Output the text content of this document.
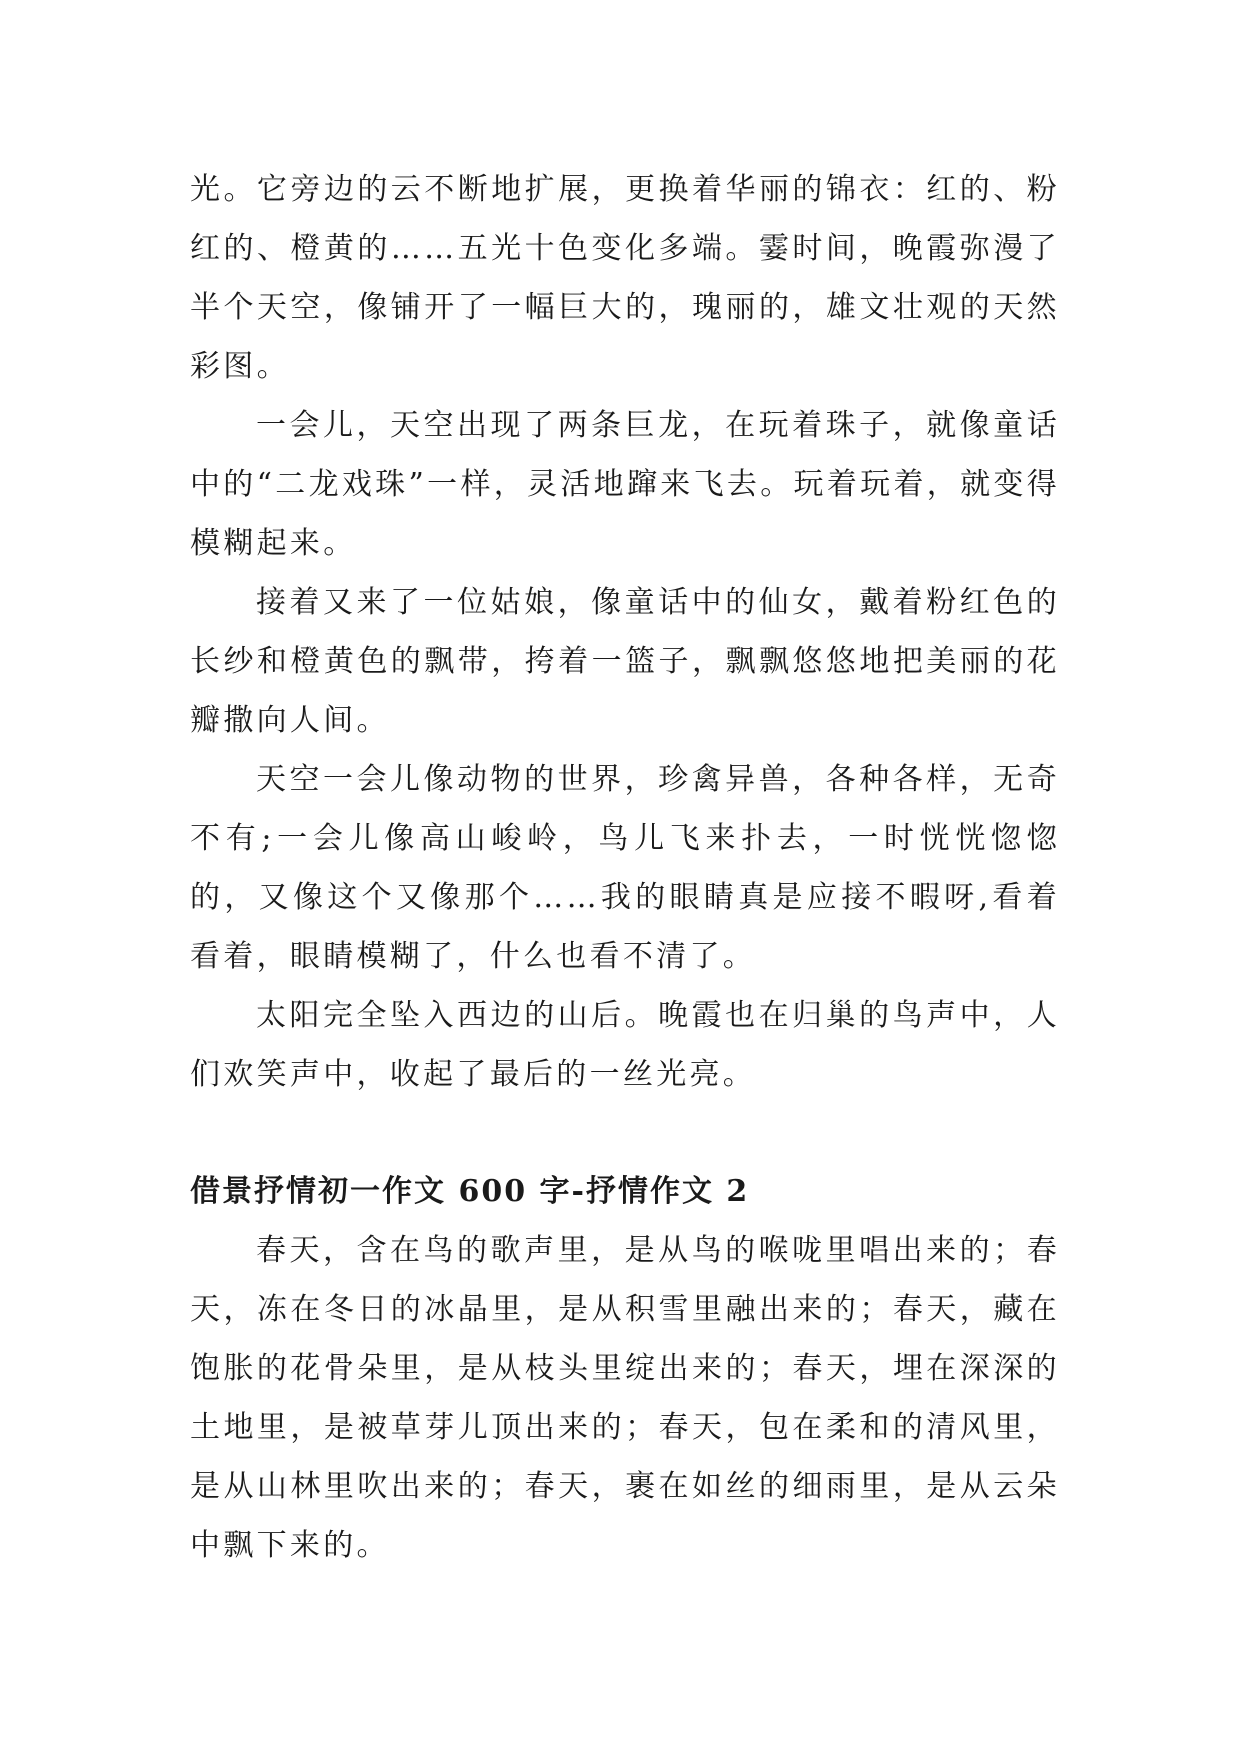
光。它旁边的云不断地扩展，更换着华丽的锦衣：红的、粉红的、橙黄的……五光十色变化多端。霎时间，晚霞弥漫了半个天空，像铺开了一幅巨大的，瑰丽的，雄文壮观的天然彩图。

一会儿，天空出现了两条巨龙，在玩着珠子，就像童话中的“二龙戏珠”一样，灵活地蹿来飞去。玩着玩着，就变得模糊起来。

接着又来了一位姑娘，像童话中的仙女，戴着粉红色的长纱和橙黄色的飘带，挎着一篮子，飘飘悠悠地把美丽的花瓣撒向人间。

天空一会儿像动物的世界，珍禽异兽，各种各样，无奇不有;一会儿像高山峻岭，鸟儿飞来扑去，一时恍恍惚惚的，又像这个又像那个……我的眼睛真是应接不暇呀,看着看着，眼睛模糊了，什么也看不清了。

太阳完全坠入西边的山后。晚霞也在归巢的鸟声中，人们欢笑声中，收起了最后的一丝光亮。

借景抒情初一作文 600 字-抒情作文 2

春天，含在鸟的歌声里，是从鸟的喉咙里唱出来的；春天，冻在冬日的冰晶里，是从积雪里融出来的；春天，藏在饱胀的花骨朵里，是从枝头里绽出来的；春天，埋在深深的土地里，是被草芽儿顶出来的；春天，包在柔和的清风里，是从山林里吹出来的；春天，裹在如丝的细雨里，是从云朵中飘下来的。
